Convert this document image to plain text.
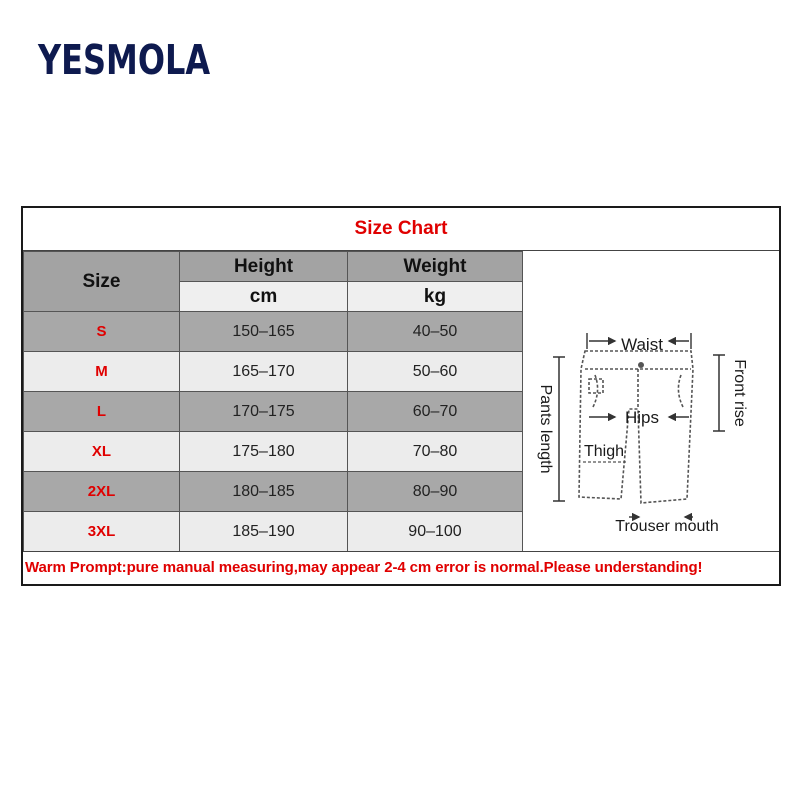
YESMOLA
Size Chart
Size	Height	Weight
	cm	kg
S	150–165	40–50
M	165–170	50–60
L	170–175	60–70
XL	175–180	70–80
2XL	180–185	80–90
3XL	185–190	90–100
Waist
Hips
Thigh
Trouser mouth
Pants length	Front rise
Warm Prompt:pure manual measuring,may appear 2-4 cm error is normal.Please understanding!
